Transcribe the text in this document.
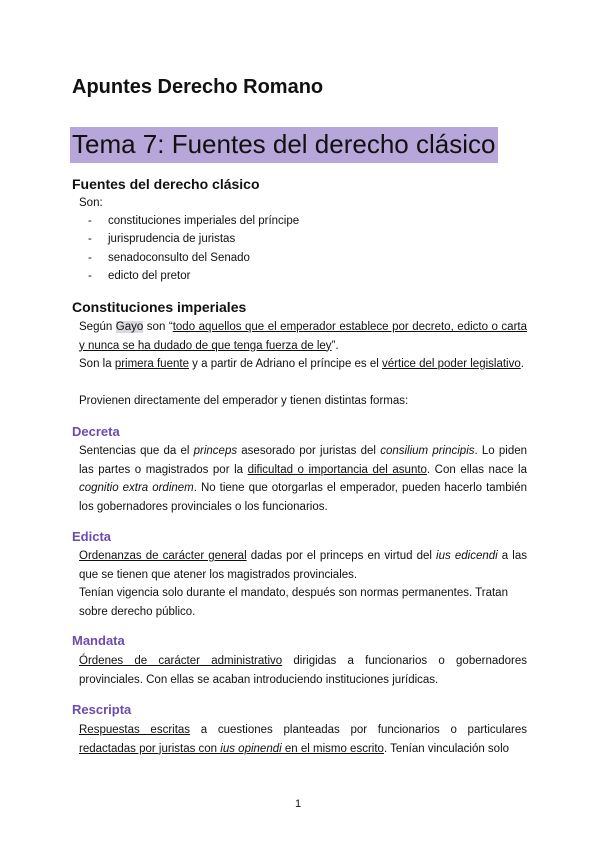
Apuntes Derecho Romano
Tema 7: Fuentes del derecho clásico
Fuentes del derecho clásico

Son:

-	constituciones imperiales del príncipe
-	jurisprudencia de juristas
-	senadoconsulto del Senado
-	edicto del pretor
Constituciones imperiales

Según Gayo son “todo aquellos que el emperador establece por decreto, edicto o carta y nunca se ha dudado de que tenga fuerza de ley”.

Son la primera fuente y a partir de Adriano el príncipe es el vértice del poder legislativo.

Provienen directamente del emperador y tienen distintas formas:

Decreta

Sentencias que da el princeps asesorado por juristas del consilium principis. Lo piden las partes o magistrados por la dificultad o importancia del asunto. Con ellas nace la cognitio extra ordinem. No tiene que otorgarlas el emperador, pueden hacerlo también los gobernadores provinciales o los funcionarios.

Edicta

Ordenanzas de carácter general dadas por el princeps en virtud del ius edicendi a las que se tienen que atener los magistrados provinciales.

Tenían vigencia solo durante el mandato, después son normas permanentes. Tratan sobre derecho público.

Mandata

Órdenes de carácter administrativo dirigidas a funcionarios o gobernadores provinciales. Con ellas se acaban introduciendo instituciones jurídicas.

Rescripta

Respuestas escritas a cuestiones planteadas por funcionarios o particulares redactadas por juristas con ius opinendi en el mismo escrito. Tenían vinculación solo

1
